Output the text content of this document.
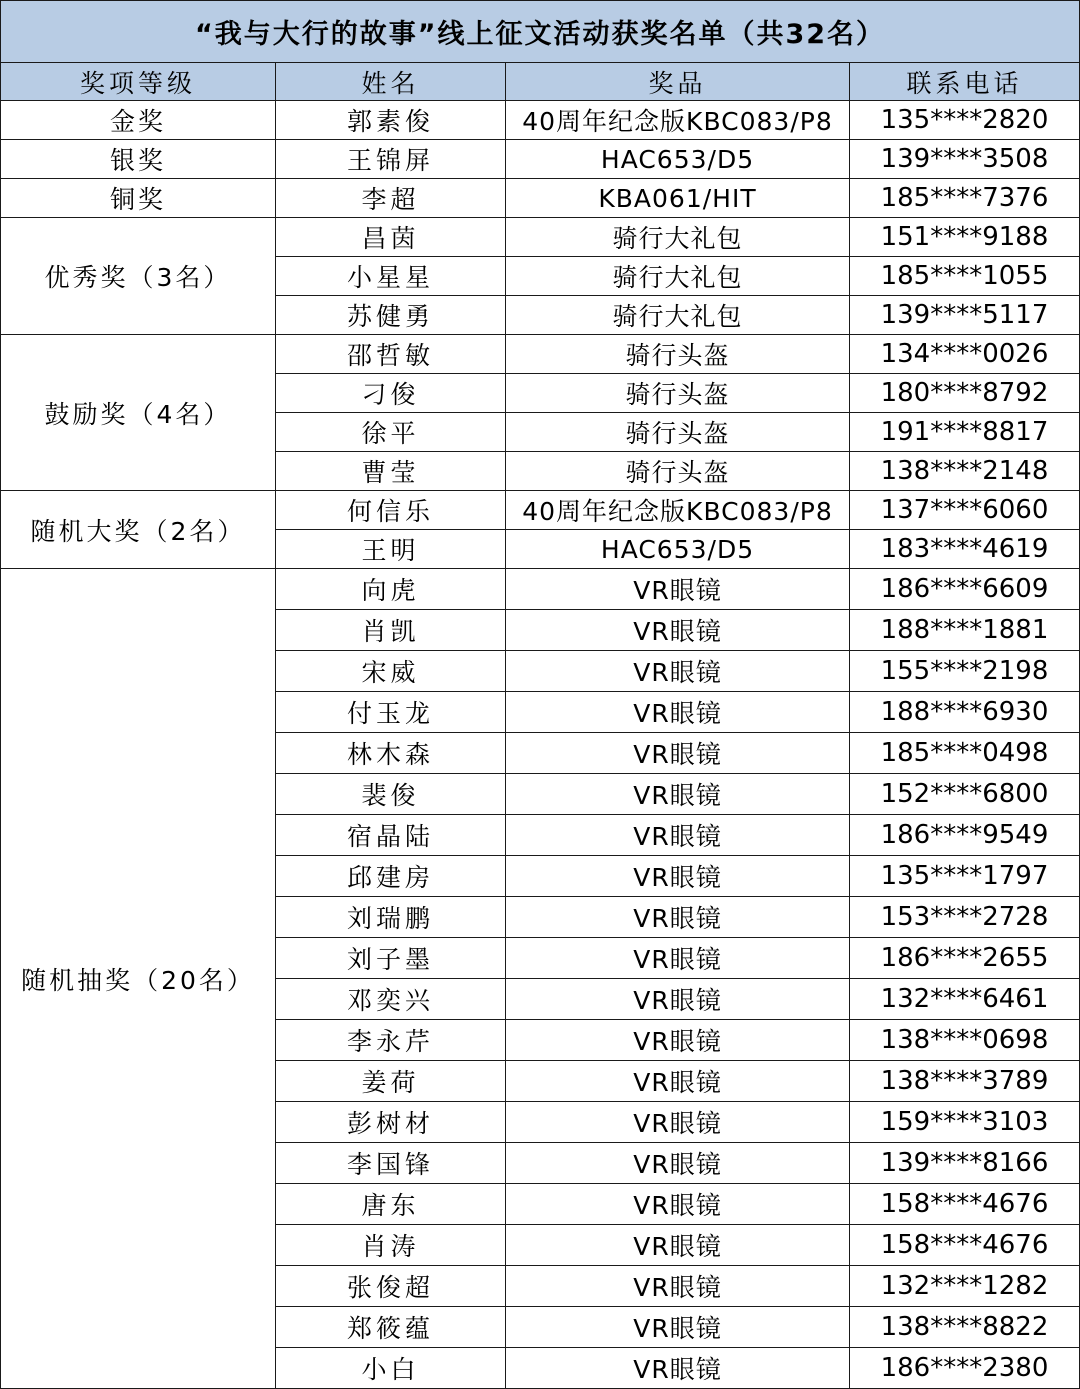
“我与大行的故事”线上征文活动获奖名单（共32名）			
奖项等级	姓名	奖品	联系电话
金奖	郭素俊	40周年纪念版KBC083/P8	135****2820
银奖	王锦屏	HAC653/D5	139****3508
铜奖	李超	KBA061/HIT	185****7376
优秀奖（3名）	昌茵	骑行大礼包	151****9188
	小星星	骑行大礼包	185****1055
	苏健勇	骑行大礼包	139****5117
鼓励奖（4名）	邵哲敏	骑行头盔	134****0026
	刁俊	骑行头盔	180****8792
	徐平	骑行头盔	191****8817
	曹莹	骑行头盔	138****2148
随机大奖（2名）	何信乐	40周年纪念版KBC083/P8	137****6060
	王明	HAC653/D5	183****4619
随机抽奖（20名）	向虎	VR眼镜	186****6609
	肖凯	VR眼镜	188****1881
	宋威	VR眼镜	155****2198
	付玉龙	VR眼镜	188****6930
	林木森	VR眼镜	185****0498
	裴俊	VR眼镜	152****6800
	宿晶陆	VR眼镜	186****9549
	邱建房	VR眼镜	135****1797
	刘瑞鹏	VR眼镜	153****2728
	刘子墨	VR眼镜	186****2655
	邓奕兴	VR眼镜	132****6461
	李永芹	VR眼镜	138****0698
	姜荷	VR眼镜	138****3789
	彭树材	VR眼镜	159****3103
	李国锋	VR眼镜	139****8166
	唐东	VR眼镜	158****4676
	肖涛	VR眼镜	158****4676
	张俊超	VR眼镜	132****1282
	郑筱蕴	VR眼镜	138****8822
	小白	VR眼镜	186****2380
